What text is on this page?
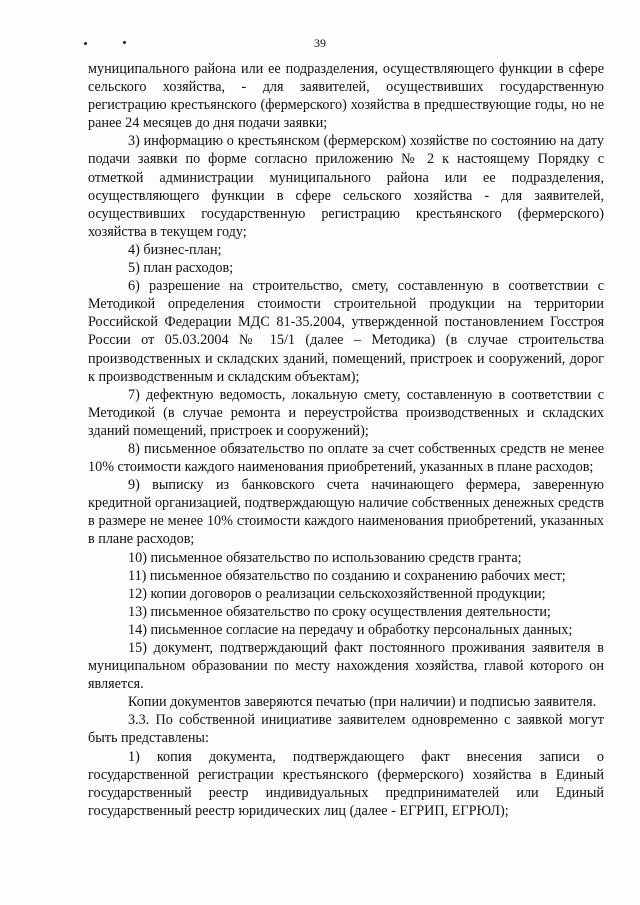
39

муниципального района или ее подразделения, осуществляющего функции в сфере сельского хозяйства, - для заявителей, осуществивших государственную регистрацию крестьянского (фермерского) хозяйства в предшествующие годы, но не ранее 24 месяцев до дня подачи заявки;

3) информацию о крестьянском (фермерском) хозяйстве по состоянию на дату подачи заявки по форме согласно приложению № 2 к настоящему Порядку с отметкой администрации муниципального района или ее подразделения, осуществляющего функции в сфере сельского хозяйства - для заявителей, осуществивших государственную регистрацию крестьянского (фермерского) хозяйства в текущем году;

4) бизнес-план;

5) план расходов;

6) разрешение на строительство, смету, составленную в соответствии с Методикой определения стоимости строительной продукции на территории Российской Федерации МДС 81-35.2004, утвержденной постановлением Госстроя России от 05.03.2004 № 15/1 (далее – Методика) (в случае строительства производственных и складских зданий, помещений, пристроек и сооружений, дорог к производственным и складским объектам);

7) дефектную ведомость, локальную смету, составленную в соответствии с Методикой (в случае ремонта и переустройства производственных и складских зданий помещений, пристроек и сооружений);

8) письменное обязательство по оплате за счет собственных средств не менее 10% стоимости каждого наименования приобретений, указанных в плане расходов;

9) выписку из банковского счета начинающего фермера, заверенную кредитной организацией, подтверждающую наличие собственных денежных средств в размере не менее 10% стоимости каждого наименования приобретений, указанных в плане расходов;

10) письменное обязательство по использованию средств гранта;

11) письменное обязательство по созданию и сохранению рабочих мест;

12) копии договоров о реализации сельскохозяйственной продукции;

13) письменное обязательство по сроку осуществления деятельности;

14) письменное согласие на передачу и обработку персональных данных;

15) документ, подтверждающий факт постоянного проживания заявителя в муниципальном образовании по месту нахождения хозяйства, главой которого он является.

Копии документов заверяются печатью (при наличии) и подписью заявителя.

3.3. По собственной инициативе заявителем одновременно с заявкой могут быть представлены:

1) копия документа, подтверждающего факт внесения записи о государственной регистрации крестьянского (фермерского) хозяйства в Единый государственный реестр индивидуальных предпринимателей или Единый государственный реестр юридических лиц (далее - ЕГРИП, ЕГРЮЛ);
